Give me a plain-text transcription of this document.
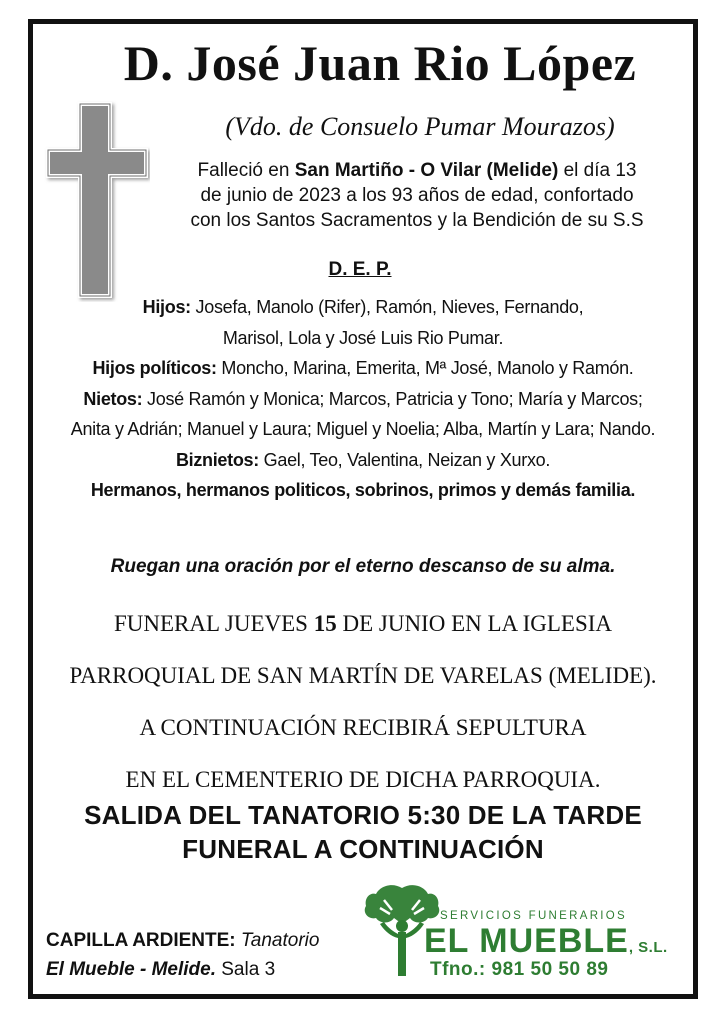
D. José Juan Rio López
(Vdo. de Consuelo Pumar Mourazos)
Falleció en San Martiño - O Vilar (Melide) el día 13
de junio de 2023 a los 93 años de edad, confortado
con los Santos Sacramentos y la Bendición de su S.S
D. E. P.
Hijos: Josefa, Manolo (Rifer), Ramón, Nieves, Fernando,
Marisol, Lola y José Luis Rio Pumar.
Hijos políticos: Moncho, Marina, Emerita, Mª José, Manolo y Ramón.
Nietos: José Ramón y Monica; Marcos, Patricia y Tono; María y Marcos;
Anita y Adrián; Manuel y Laura; Miguel y Noelia; Alba, Martín y Lara; Nando.
Biznietos: Gael, Teo, Valentina, Neizan y Xurxo.
Hermanos, hermanos politicos, sobrinos, primos y demás familia.
Ruegan una oración por el eterno descanso de su alma.
FUNERAL JUEVES 15 DE JUNIO EN LA IGLESIA
PARROQUIAL DE SAN MARTÍN DE VARELAS (MELIDE).
A CONTINUACIÓN RECIBIRÁ SEPULTURA
EN EL CEMENTERIO DE DICHA PARROQUIA.
SALIDA DEL TANATORIO 5:30 DE LA TARDE
FUNERAL A CONTINUACIÓN
CAPILLA ARDIENTE: Tanatorio
El Mueble - Melide. Sala 3
SERVICIOS FUNERARIOS
EL MUEBLE, S.L.
Tfno.: 981 50 50 89
